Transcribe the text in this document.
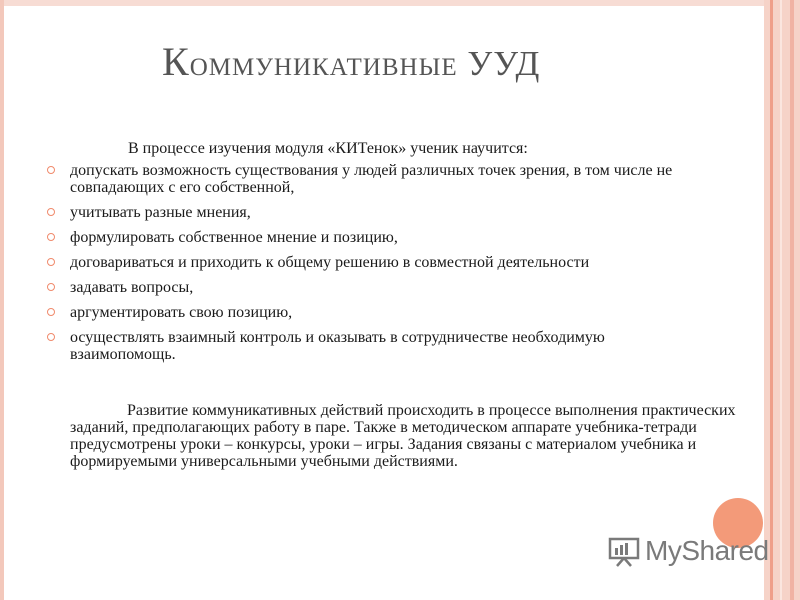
Коммуникативные УУД
В процессе изучения модуля «КИТенок» ученик научится:
допускать возможность существования у людей различных точек зрения, в том числе не совпадающих с его собственной,
учитывать разные мнения,
формулировать собственное мнение и позицию,
договариваться и приходить к общему решению в совместной деятельности
задавать вопросы,
аргументировать свою позицию,
осуществлять взаимный контроль и оказывать в сотрудничестве необходимую взаимопомощь.

Развитие коммуникативных действий происходить в процессе выполнения практических заданий, предполагающих работу в паре. Также в методическом аппарате учебника-тетради предусмотрены уроки – конкурсы, уроки – игры. Задания связаны с материалом учебника и формируемыми универсальными учебными действиями.

MyShared
